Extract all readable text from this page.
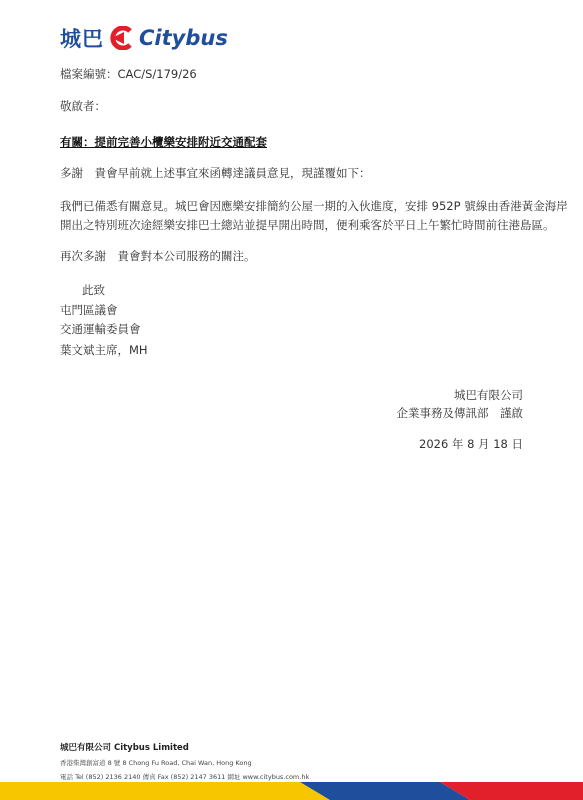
城巴 Citybus
檔案編號：CAC/S/179/26
敬啟者：
有關：提前完善小欖樂安排附近交通配套
多謝　貴會早前就上述事宜來函轉達議員意見，現謹覆如下：
我們已備悉有關意見。城巴會因應樂安排簡約公屋一期的入伙進度，安排 952P 號線由香港黃金海岸
開出之特別班次途經樂安排巴士總站並提早開出時間，便利乘客於平日上午繁忙時間前往港島區。
再次多謝　貴會對本公司服務的關注。
此致
屯門區議會
交通運輸委員會
葉文斌主席，MH
城巴有限公司
企業事務及傳訊部　謹啟
2026 年 8 月 18 日
城巴有限公司 Citybus Limited
香港柴灣創富道 8 號 8 Chong Fu Road, Chai Wan, Hong Kong
電話 Tel (852) 2136 2140 傳真 Fax (852) 2147 3611 網址 www.citybus.com.hk
